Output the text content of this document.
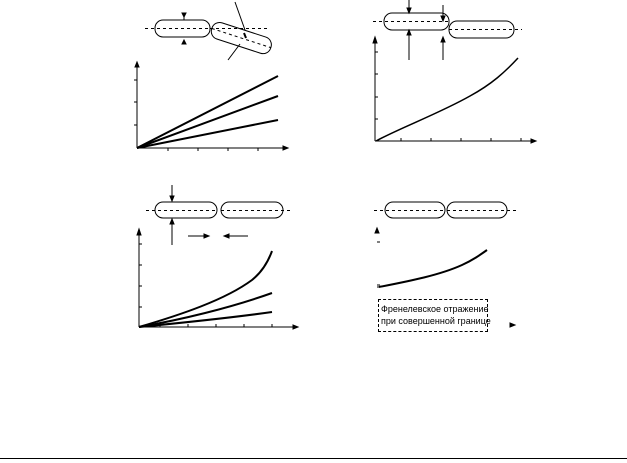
Френелевское отражение
при совершенной границе
